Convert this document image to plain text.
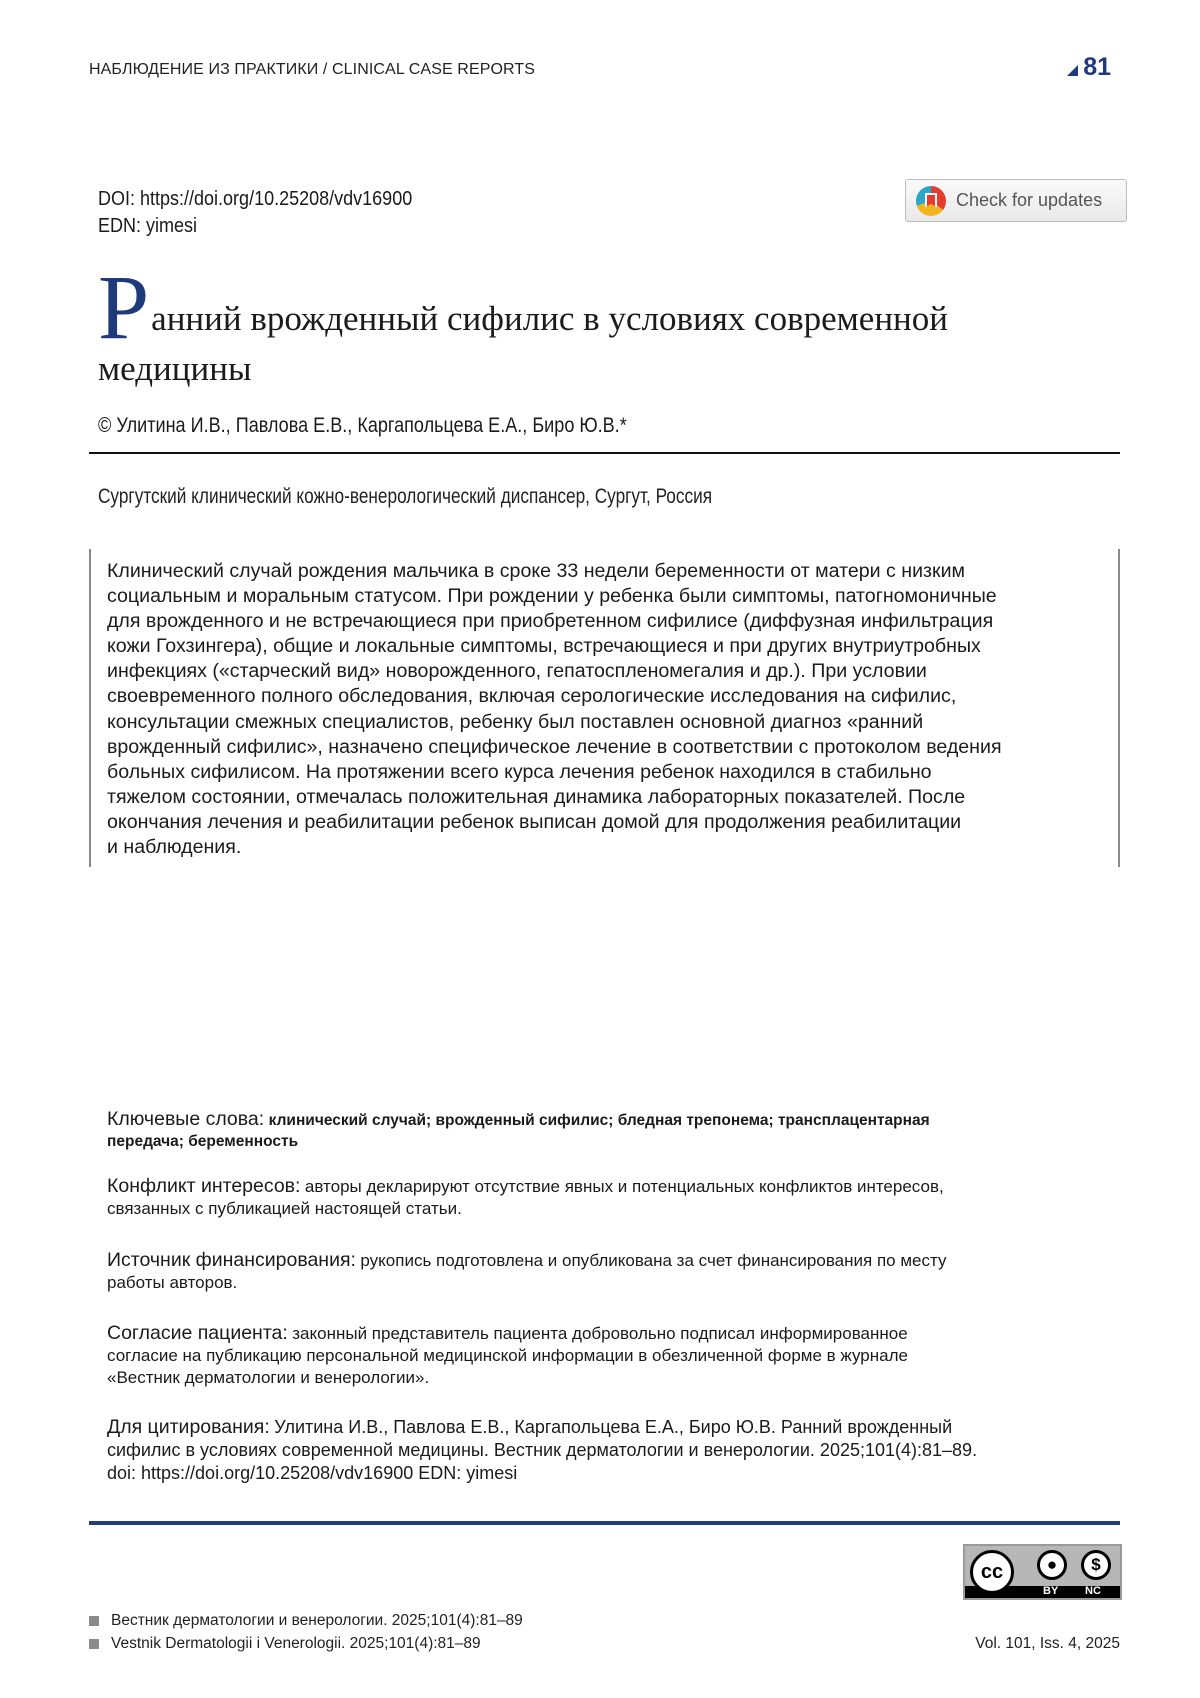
НАБЛЮДЕНИЕ ИЗ ПРАКТИКИ / CLINICAL CASE REPORTS	81
DOI: https://doi.org/10.25208/vdv16900
EDN: yimesi
Check for updates
Р анний врожденный сифилис в условиях современной
медицины
© Улитина И.В., Павлова Е.В., Каргапольцева Е.А., Биро Ю.В.*
Сургутский клинический кожно-венерологический диспансер, Сургут, Россия
Клинический случай рождения мальчика в сроке 33 недели беременности от матери с низким
социальным и моральным статусом. При рождении у ребенка были симптомы, патогномоничные
для врожденного и не встречающиеся при приобретенном сифилисе (диффузная инфильтрация
кожи Гохзингера), общие и локальные симптомы, встречающиеся и при других внутриутробных
инфекциях («старческий вид» новорожденного, гепатоспленомегалия и др.). При условии
своевременного полного обследования, включая серологические исследования на сифилис,
консультации смежных специалистов, ребенку был поставлен основной диагноз «ранний
врожденный сифилис», назначено специфическое лечение в соответствии с протоколом ведения
больных сифилисом. На протяжении всего курса лечения ребенок находился в стабильно
тяжелом состоянии, отмечалась положительная динамика лабораторных показателей. После
окончания лечения и реабилитации ребенок выписан домой для продолжения реабилитации
и наблюдения.
Ключевые слова: клинический случай; врожденный сифилис; бледная трепонема; трансплацентарная
передача; беременность
Конфликт интересов: авторы декларируют отсутствие явных и потенциальных конфликтов интересов,
связанных с публикацией настоящей статьи.
Источник финансирования: рукопись подготовлена и опубликована за счет финансирования по месту
работы авторов.
Согласие пациента: законный представитель пациента добровольно подписал информированное
согласие на публикацию персональной медицинской информации в обезличенной форме в журнале
«Вестник дерматологии и венерологии».
Для цитирования: Улитина И.В., Павлова Е.В., Каргапольцева Е.А., Биро Ю.В. Ранний врожденный
сифилис в условиях современной медицины. Вестник дерматологии и венерологии. 2025;101(4):81–89.
doi: https://doi.org/10.25208/vdv16900 EDN: yimesi
cc	●	$
BY NC
Вестник дерматологии и венерологии. 2025;101(4):81–89
Vestnik Dermatologii i Venerologii. 2025;101(4):81–89	Vol. 101, Iss. 4, 2025
